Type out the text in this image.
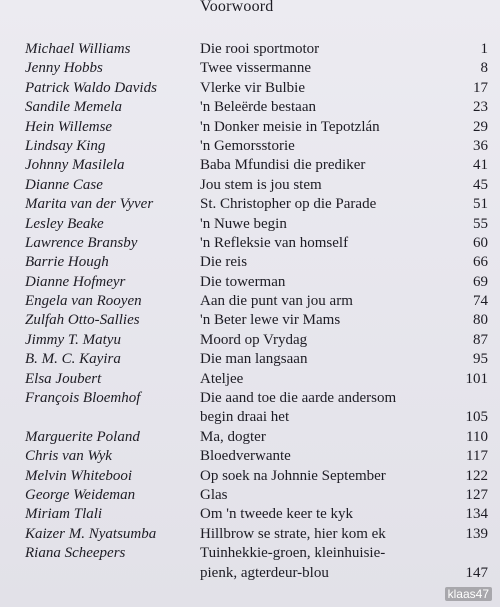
Voorwoord
Michael Williams	Die rooi sportmotor	1
Jenny Hobbs	Twee vissermanne	8
Patrick Waldo Davids	Vlerke vir Bulbie	17
Sandile Memela	'n Beleërde bestaan	23
Hein Willemse	'n Donker meisie in Tepotzlán	29
Lindsay King	'n Gemorsstorie	36
Johnny Masilela	Baba Mfundisi die prediker	41
Dianne Case	Jou stem is jou stem	45
Marita van der Vyver	St. Christopher op die Parade	51
Lesley Beake	'n Nuwe begin	55
Lawrence Bransby	'n Refleksie van homself	60
Barrie Hough	Die reis	66
Dianne Hofmeyr	Die towerman	69
Engela van Rooyen	Aan die punt van jou arm	74
Zulfah Otto-Sallies	'n Beter lewe vir Mams	80
Jimmy T. Matyu	Moord op Vrydag	87
B. M. C. Kayira	Die man langsaan	95
Elsa Joubert	Ateljee	101
François Bloemhof	Die aand toe die aarde andersom
begin draai het	105
Marguerite Poland	Ma, dogter	110
Chris van Wyk	Bloedverwante	117
Melvin Whitebooi	Op soek na Johnnie September	122
George Weideman	Glas	127
Miriam Tlali	Om 'n tweede keer te kyk	134
Kaizer M. Nyatsumba	Hillbrow se strate, hier kom ek	139
Riana Scheepers	Tuinhekkie-groen, kleinhuisie-
pienk, agterdeur-blou	147
klaas47
